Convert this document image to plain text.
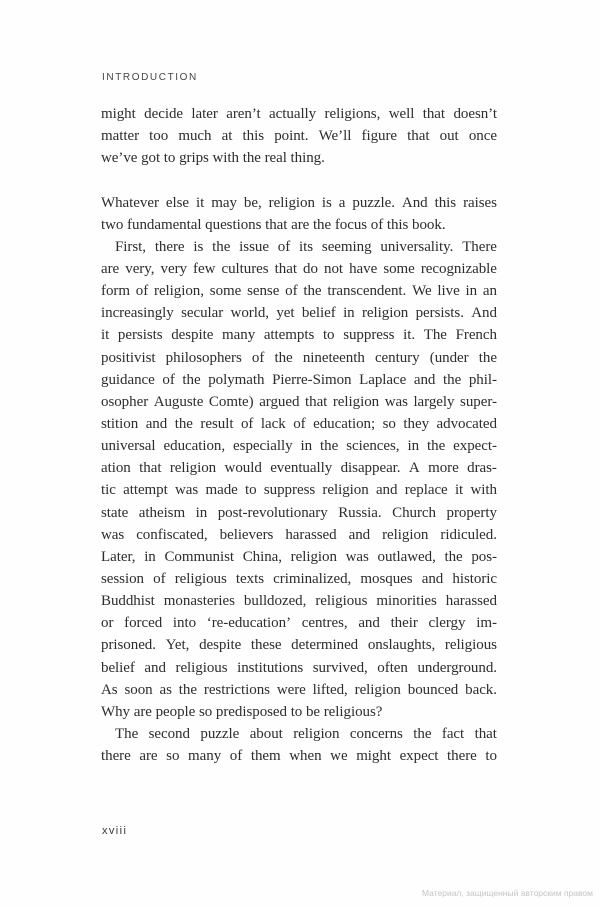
INTRODUCTION
might decide later aren’t actually religions, well that doesn’t
matter too much at this point. We’ll figure that out once
we’ve got to grips with the real thing.
Whatever else it may be, religion is a puzzle. And this raises
two fundamental questions that are the focus of this book.
First, there is the issue of its seeming universality. There
are very, very few cultures that do not have some recognizable
form of religion, some sense of the transcendent. We live in an
increasingly secular world, yet belief in religion persists. And
it persists despite many attempts to suppress it. The French
positivist philosophers of the nineteenth century (under the
guidance of the polymath Pierre-Simon Laplace and the phil-
osopher Auguste Comte) argued that religion was largely super-
stition and the result of lack of education; so they advocated
universal education, especially in the sciences, in the expect-
ation that religion would eventually disappear. A more dras-
tic attempt was made to suppress religion and replace it with
state atheism in post-revolutionary Russia. Church property
was confiscated, believers harassed and religion ridiculed.
Later, in Communist China, religion was outlawed, the pos-
session of religious texts criminalized, mosques and historic
Buddhist monasteries bulldozed, religious minorities harassed
or forced into ‘re-education’ centres, and their clergy im-
prisoned. Yet, despite these determined onslaughts, religious
belief and religious institutions survived, often underground.
As soon as the restrictions were lifted, religion bounced back.
Why are people so predisposed to be religious?
The second puzzle about religion concerns the fact that
there are so many of them when we might expect there to
xviii
Материал, защищенный авторским правом
